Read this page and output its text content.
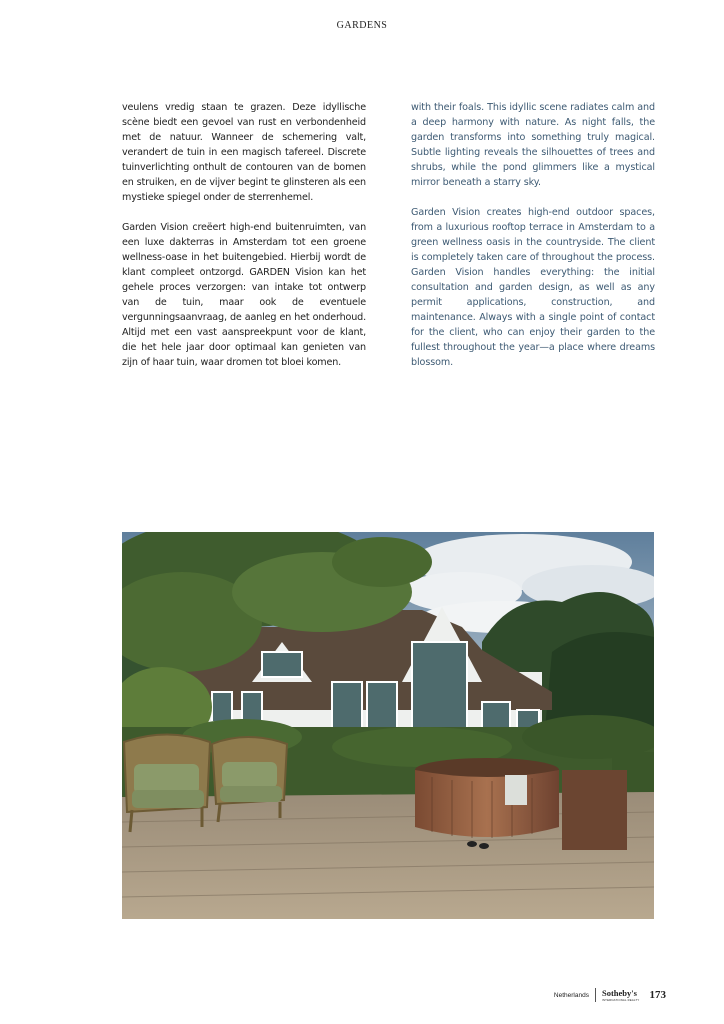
GARDENS

veulens vredig staan te grazen. Deze idyllische scène biedt een gevoel van rust en verbondenheid met de natuur. Wanneer de schemering valt, verandert de tuin in een magisch tafereel. Discrete tuinverlichting onthult de contouren van de bomen en struiken, en de vijver begint te glinsteren als een mystieke spiegel onder de sterrenhemel.

Garden Vision creëert high-end buitenruimten, van een luxe dakterras in Amsterdam tot een groene wellness-oase in het buitengebied. Hierbij wordt de klant compleet ontzorgd. GARDEN Vision kan het gehele proces verzorgen: van intake tot ontwerp van de tuin, maar ook de eventuele vergunningsaanvraag, de aanleg en het onderhoud. Altijd met een vast aanspreekpunt voor de klant, die het hele jaar door optimaal kan genieten van zijn of haar tuin, waar dromen tot bloei komen.

with their foals. This idyllic scene radiates calm and a deep harmony with nature. As night falls, the garden transforms into something truly magical. Subtle lighting reveals the silhouettes of trees and shrubs, while the pond glimmers like a mystical mirror beneath a starry sky.

Garden Vision creates high-end outdoor spaces, from a luxurious rooftop terrace in Amsterdam to a green wellness oasis in the countryside. The client is completely taken care of throughout the process. Garden Vision handles everything: the initial consultation and garden design, as well as any permit applications, construction, and maintenance. Always with a single point of contact for the client, who can enjoy their garden to the fullest throughout the year—a place where dreams blossom.

Netherlands Sotheby's
INTERNATIONAL REALTY 173
